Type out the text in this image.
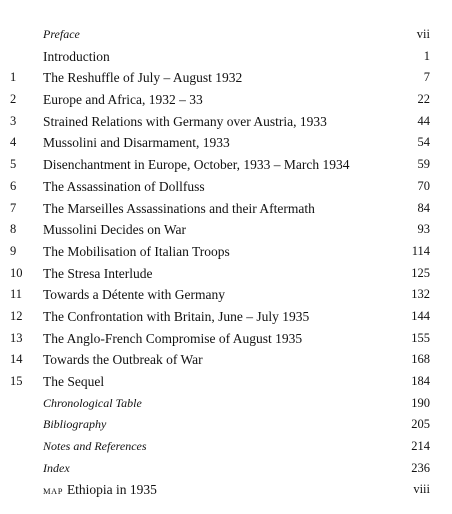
Preface	vii
Introduction	1
1	The Reshuffle of July – August 1932	7
2	Europe and Africa, 1932 – 33	22
3	Strained Relations with Germany over Austria, 1933	44
4	Mussolini and Disarmament, 1933	54
5	Disenchantment in Europe, October, 1933 – March 1934	59
6	The Assassination of Dollfuss	70
7	The Marseilles Assassinations and their Aftermath	84
8	Mussolini Decides on War	93
9	The Mobilisation of Italian Troops	114
10	The Stresa Interlude	125
11	Towards a Détente with Germany	132
12	The Confrontation with Britain, June – July 1935	144
13	The Anglo-French Compromise of August 1935	155
14	Towards the Outbreak of War	168
15	The Sequel	184
Chronological Table	190
Bibliography	205
Notes and References	214
Index	236
MAP Ethiopia in 1935	viii
